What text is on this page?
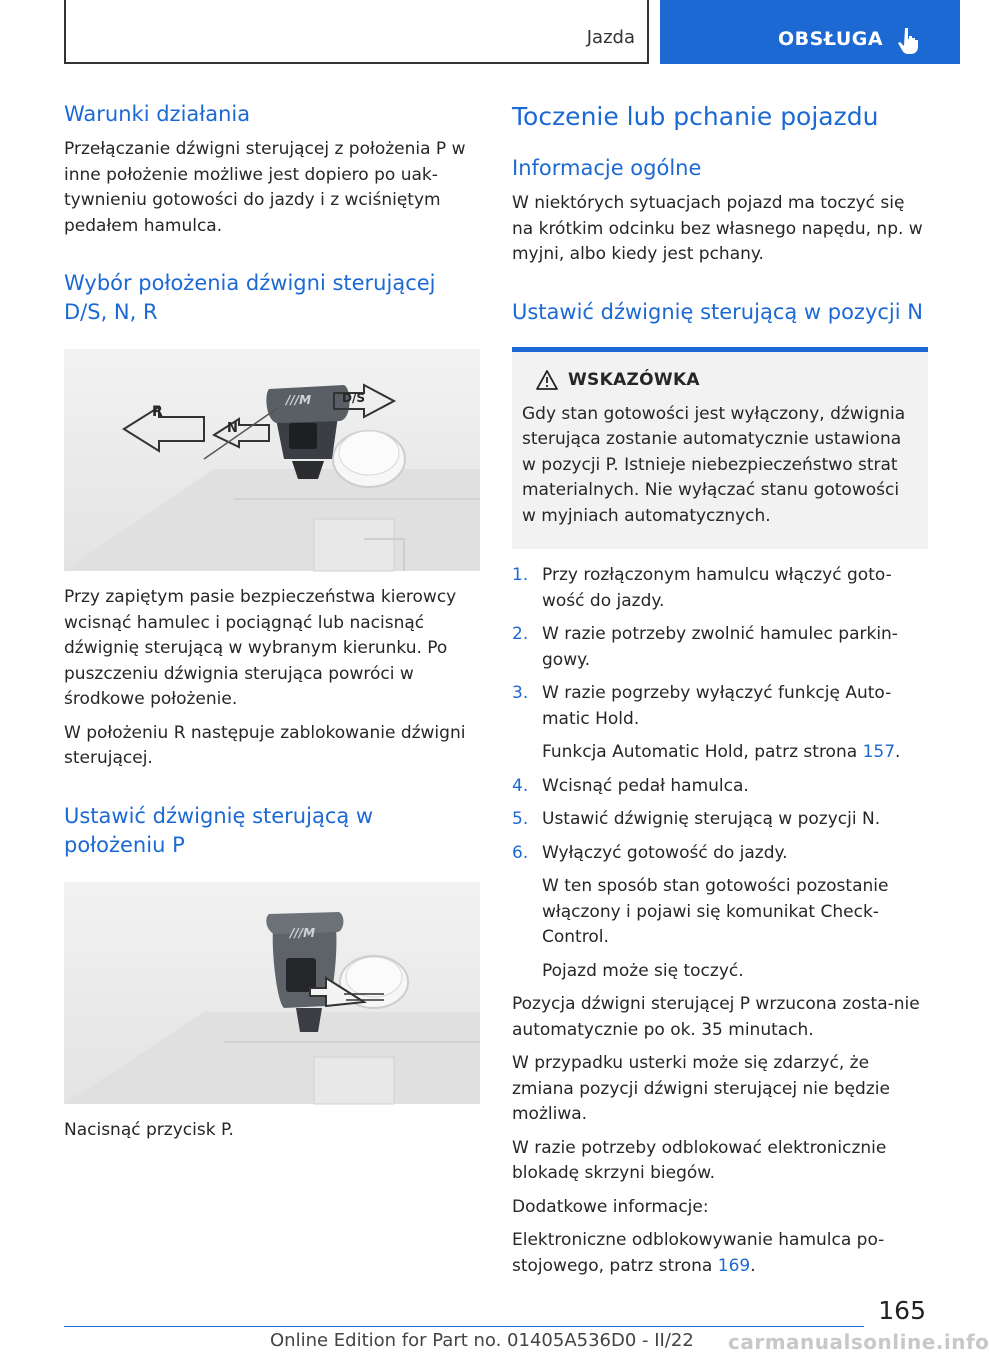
Jazda	OBSŁUGA
Warunki działania

Przełączanie dźwigni sterującej z położenia P w inne położenie możliwe jest dopiero po uak-tywnieniu gotowości do jazdy i z wciśniętym pedałem hamulca.

Wybór położenia dźwigni sterującej D/S, N, R
R
N
D/S
///M

Przy zapiętym pasie bezpieczeństwa kierowcy wcisnąć hamulec i pociągnąć lub nacisnąć dźwignię sterującą w wybranym kierunku. Po puszczeniu dźwignia sterująca powróci w środkowe położenie.

W położeniu R następuje zablokowanie dźwigni sterującej.

Ustawić dźwignię sterującą w położeniu P
///M

Nacisnąć przycisk P.

Toczenie lub pchanie pojazdu
Informacje ogólne

W niektórych sytuacjach pojazd ma toczyć się na krótkim odcinku bez własnego napędu, np. w myjni, albo kiedy jest pchany.

Ustawić dźwignię sterującą w pozycji N
WSKAZÓWKA

Gdy stan gotowości jest wyłączony, dźwignia sterująca zostanie automatycznie ustawiona w pozycji P. Istnieje niebezpieczeństwo strat materialnych. Nie wyłączać stanu gotowości w myjniach automatycznych.

1. Przy rozłączonym hamulcu włączyć goto-wość do jazdy.
2. W razie potrzeby zwolnić hamulec parkin-gowy.
3. W razie pogrzeby wyłączyć funkcję Auto-matic Hold.
Funkcja Automatic Hold, patrz strona 157.
4. Wcisnąć pedał hamulca.
5. Ustawić dźwignię sterującą w pozycji N.
6. Wyłączyć gotowość do jazdy.
W ten sposób stan gotowości pozostanie włączony i pojawi się komunikat Check-Control.
Pojazd może się toczyć.

Pozycja dźwigni sterującej P wrzucona zosta-nie automatycznie po ok. 35 minutach.

W przypadku usterki może się zdarzyć, że zmiana pozycji dźwigni sterującej nie będzie możliwa.

W razie potrzeby odblokować elektronicznie blokadę skrzyni biegów.

Dodatkowe informacje:

Elektroniczne odblokowywanie hamulca po-stojowego, patrz strona 169.

165
Online Edition for Part no. 01405A536D0 - II/22 carmanualsonline.info
